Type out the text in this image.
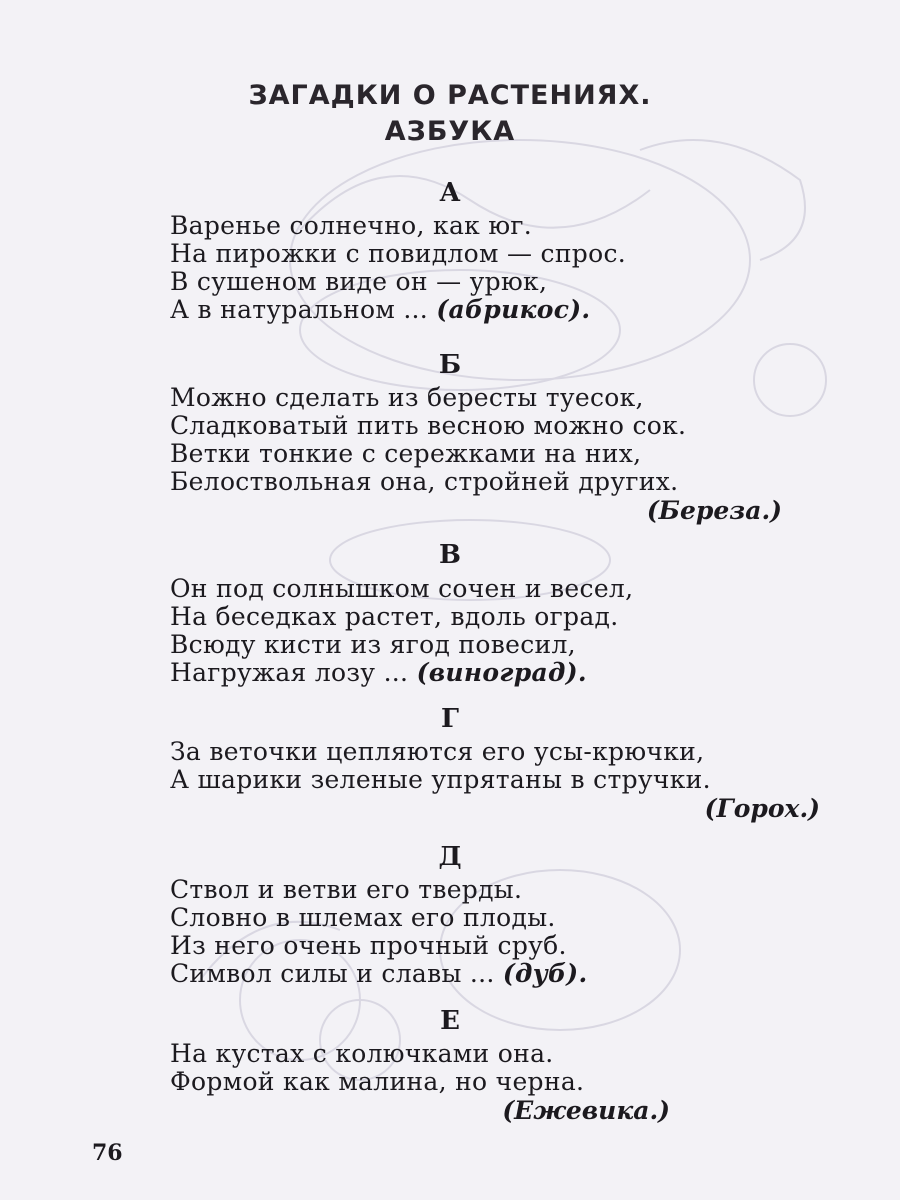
ЗАГАДКИ О РАСТЕНИЯХ.
АЗБУКА
А
Варенье солнечно, как юг.
На пирожки с повидлом — спрос.
В сушеном виде он — урюк,
А в натуральном ... (абрикос).
Б
Можно сделать из бересты туесок,
Сладковатый пить весною можно сок.
Ветки тонкие с сережками на них,
Белоствольная она, стройней других.
(Береза.)
В
Он под солнышком сочен и весел,
На беседках растет, вдоль оград.
Всюду кисти из ягод повесил,
Нагружая лозу ... (виноград).
Г
За веточки цепляются его усы-крючки,
А шарики зеленые упрятаны в стручки.
(Горох.)
Д
Ствол и ветви его тверды.
Словно в шлемах его плоды.
Из него очень прочный сруб.
Символ силы и славы ... (дуб).
Е
На кустах с колючками она.
Формой как малина, но черна.
(Ежевика.)
76
